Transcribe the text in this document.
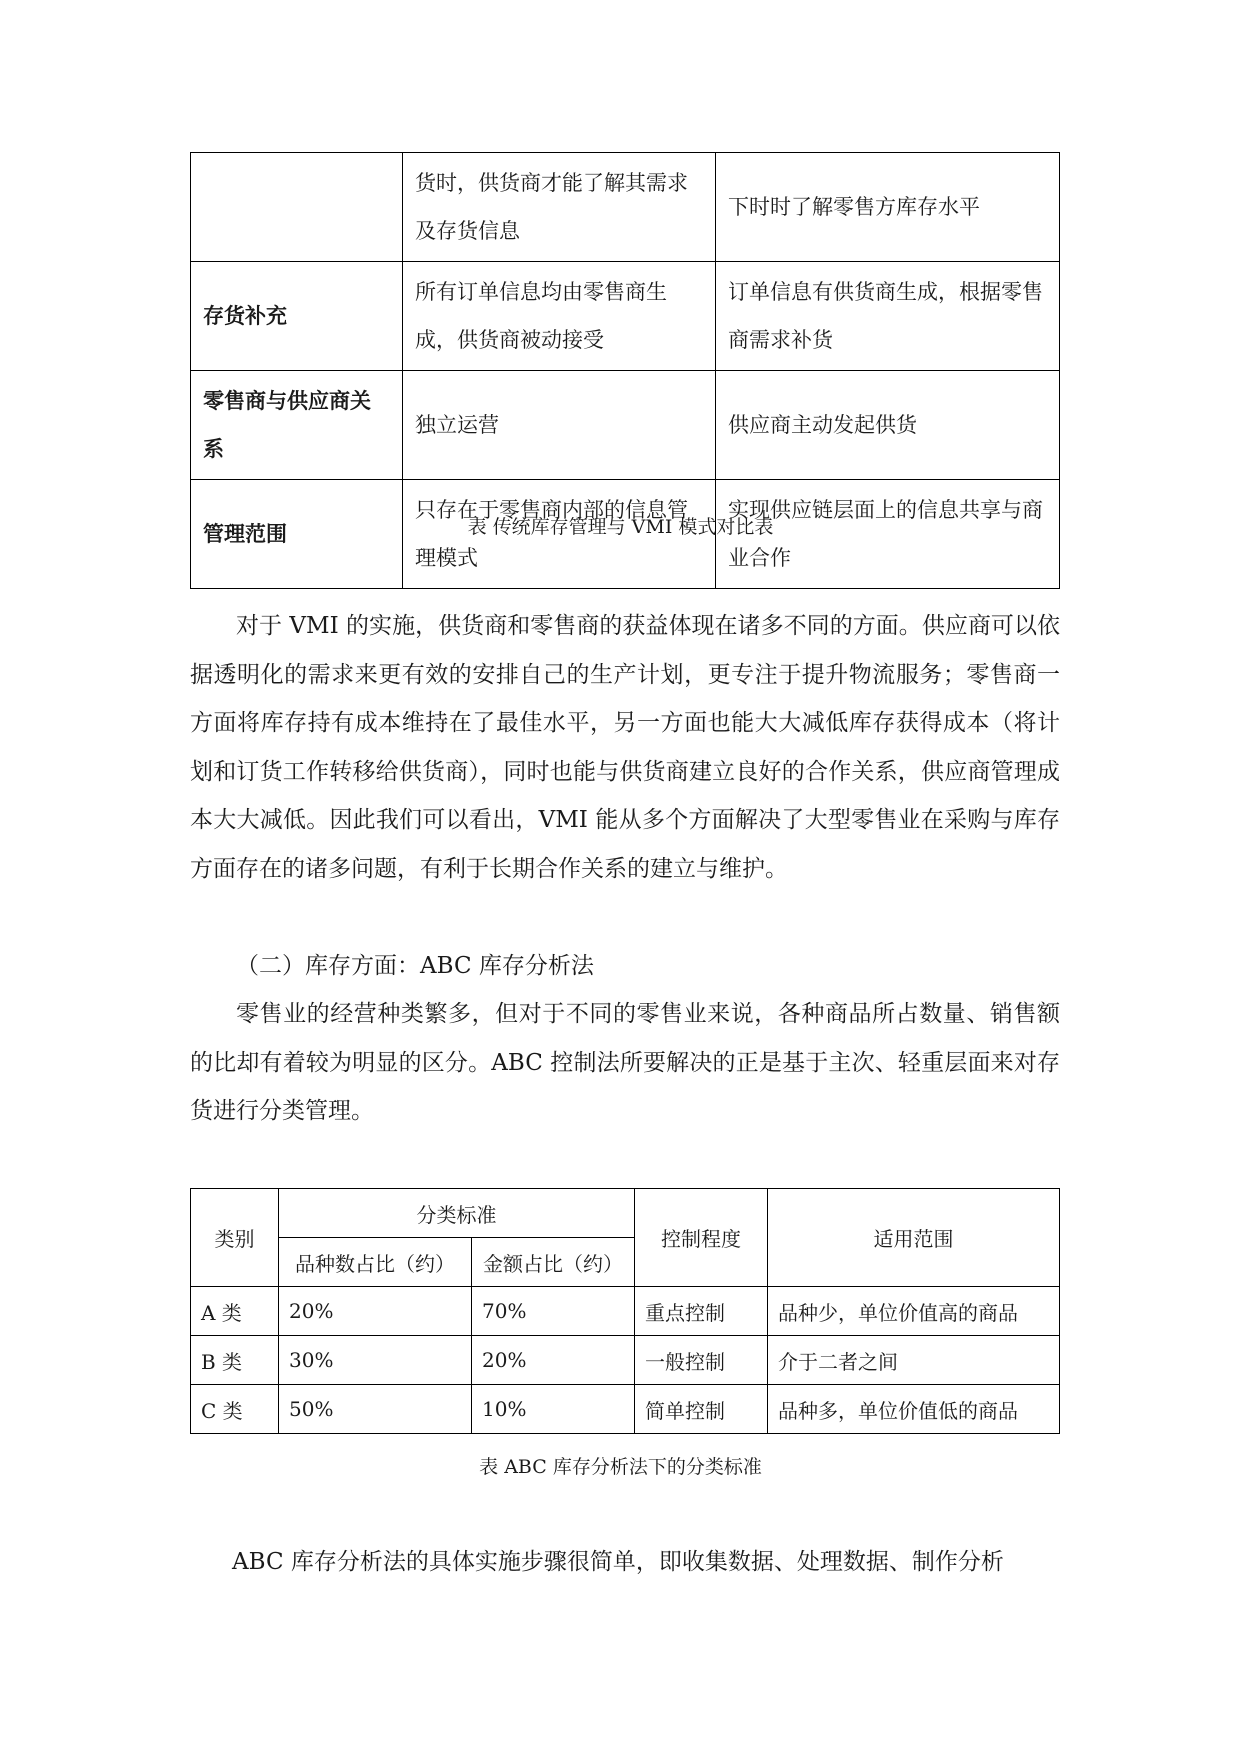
	货时，供货商才能了解其需求及存货信息	下时时了解零售方库存水平
存货补充	所有订单信息均由零售商生成，供货商被动接受	订单信息有供货商生成，根据零售商需求补货
零售商与供应商关系	独立运营	供应商主动发起供货
管理范围	只存在于零售商内部的信息管理模式	实现供应链层面上的信息共享与商业合作
表 传统库存管理与 VMI 模式对比表

对于 VMI 的实施，供货商和零售商的获益体现在诸多不同的方面。供应商可以依据透明化的需求来更有效的安排自己的生产计划，更专注于提升物流服务；零售商一方面将库存持有成本维持在了最佳水平，另一方面也能大大减低库存获得成本（将计划和订货工作转移给供货商），同时也能与供货商建立良好的合作关系，供应商管理成本大大减低。因此我们可以看出，VMI 能从多个方面解决了大型零售业在采购与库存方面存在的诸多问题，有利于长期合作关系的建立与维护。

（二）库存方面：ABC 库存分析法

零售业的经营种类繁多，但对于不同的零售业来说，各种商品所占数量、销售额的比却有着较为明显的区分。ABC 控制法所要解决的正是基于主次、轻重层面来对存货进行分类管理。

类别	分类标准		控制程度	适用范围
	品种数占比（约）	金额占比（约）		
A 类	20%	70%	重点控制	品种少，单位价值高的商品
B 类	30%	20%	一般控制	介于二者之间
C 类	50%	10%	简单控制	品种多，单位价值低的商品
表 ABC 库存分析法下的分类标准
ABC 库存分析法的具体实施步骤很简单，即收集数据、处理数据、制作分析
